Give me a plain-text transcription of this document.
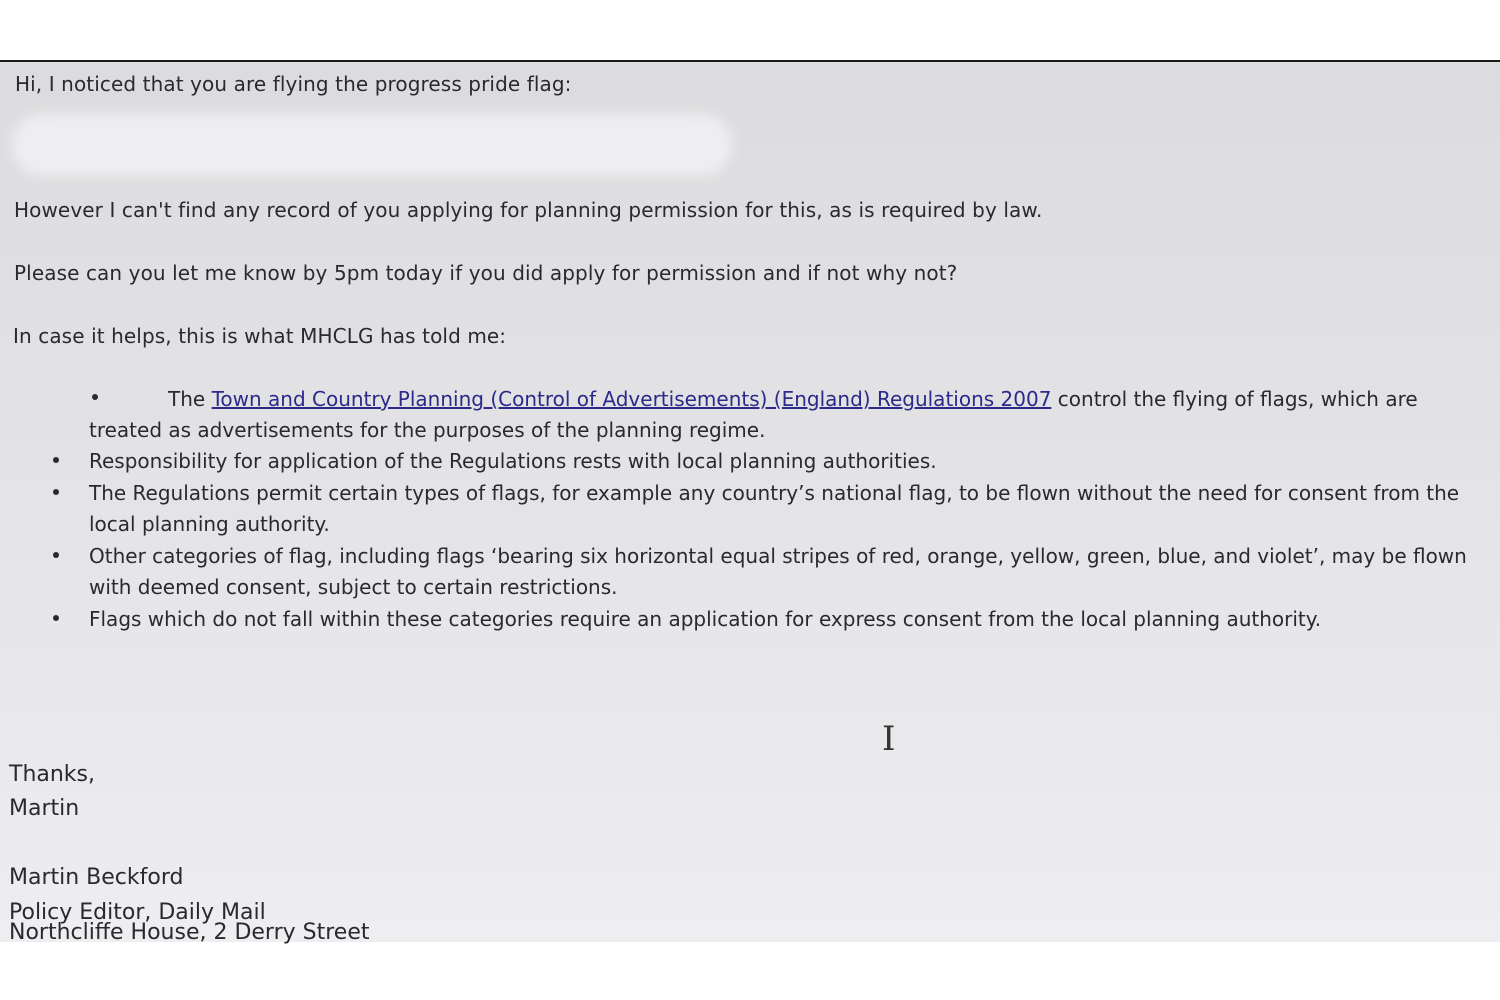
Hi, I noticed that you are flying the progress pride flag:
However I can't find any record of you applying for planning permission for this, as is required by law.
Please can you let me know by 5pm today if you did apply for permission and if not why not?
In case it helps, this is what MHCLG has told me:
The Town and Country Planning (Control of Advertisements) (England) Regulations 2007 control the flying of flags, which are
treated as advertisements for the purposes of the planning regime.
Responsibility for application of the Regulations rests with local planning authorities.
The Regulations permit certain types of flags, for example any country’s national flag, to be flown without the need for consent from the
local planning authority.
Other categories of flag, including flags ‘bearing six horizontal equal stripes of red, orange, yellow, green, blue, and violet’, may be flown
with deemed consent, subject to certain restrictions.
Flags which do not fall within these categories require an application for express consent from the local planning authority.
I
Thanks,
Martin
Martin Beckford
Policy Editor, Daily Mail
Northcliffe House, 2 Derry Street
